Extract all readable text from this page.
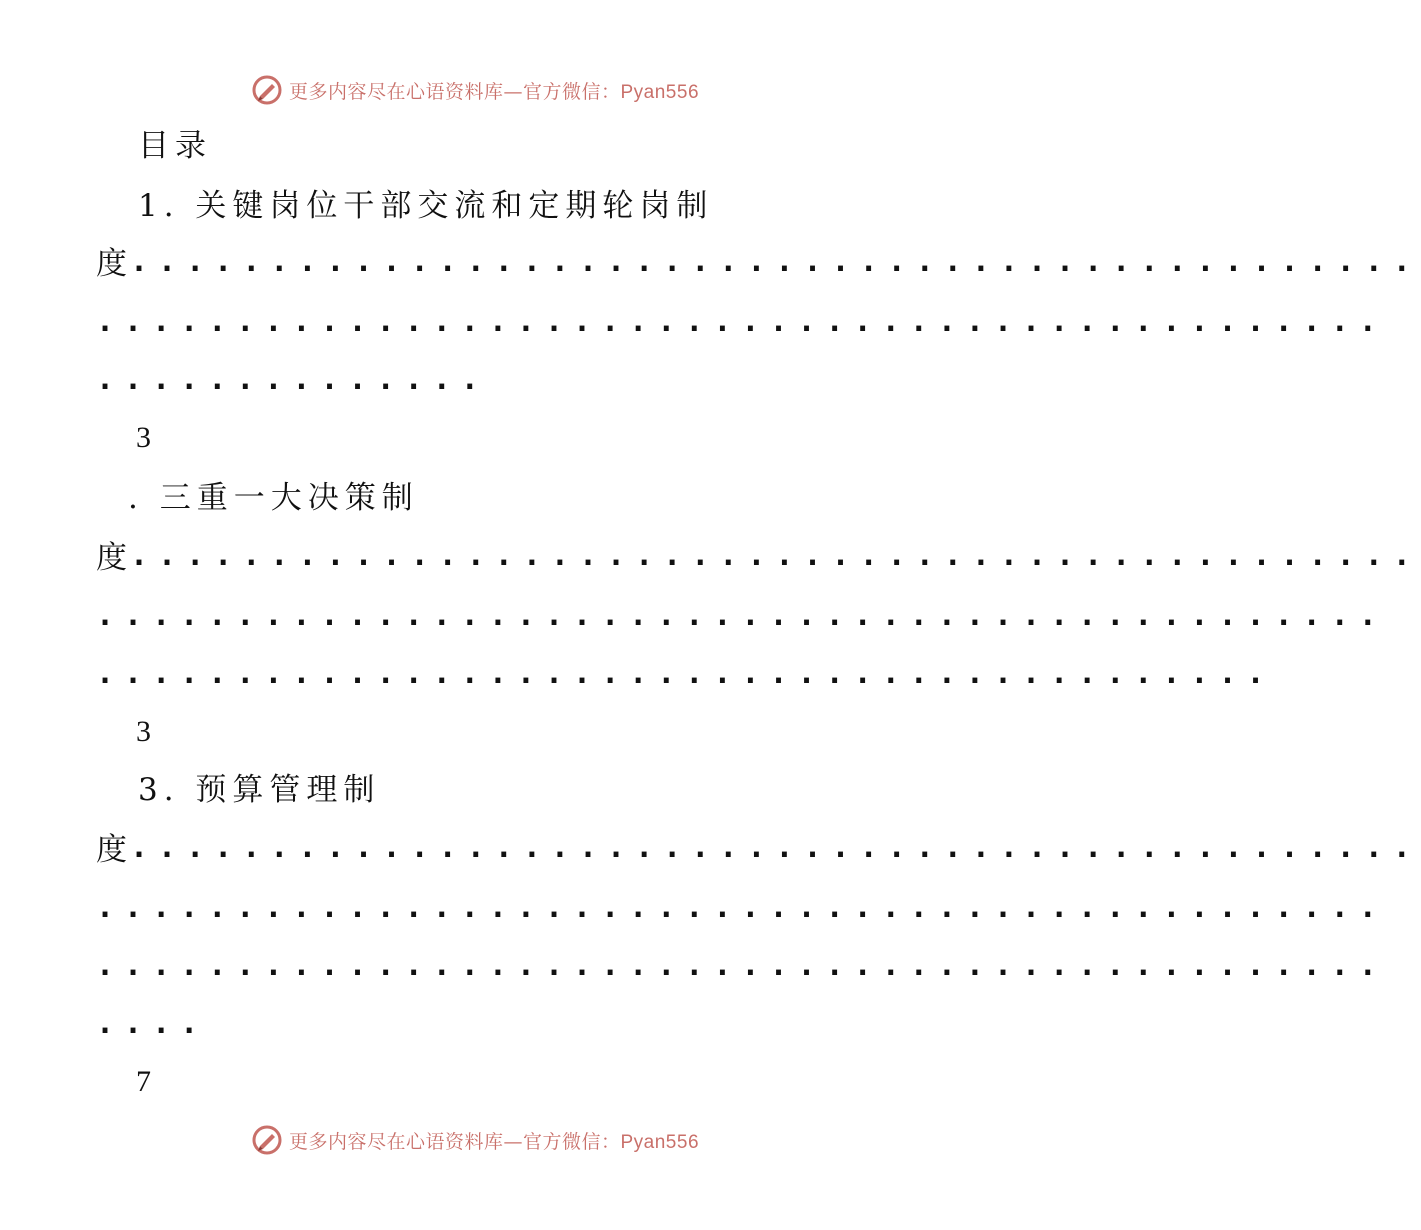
更多内容尽在心语资料库—官方微信：Pyan556
目录
1. 关键岗位干部交流和定期轮岗制
度 ..............................................
..............................................
..............
3
. 三重一大决策制
度 ..............................................
..............................................
..........................................
3
3. 预算管理制
度 ..............................................
..............................................
..............................................
....
7
更多内容尽在心语资料库—官方微信：Pyan556
